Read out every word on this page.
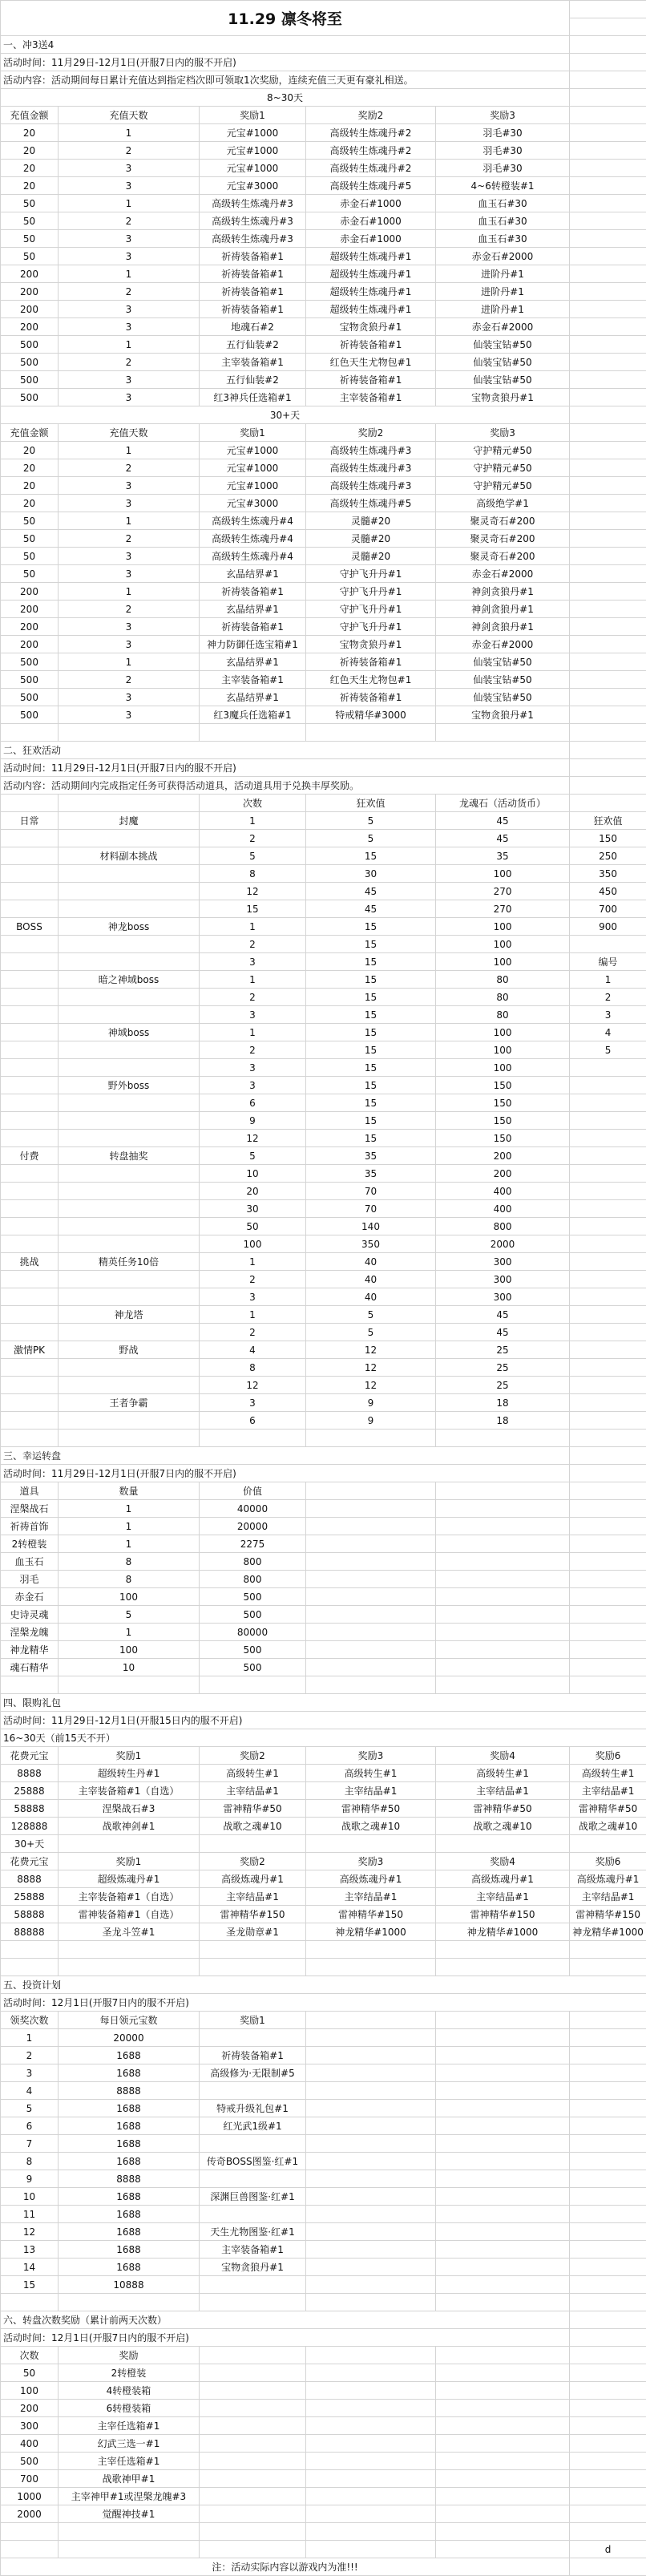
11.29 凛冬将至					

一、冲3送4					
活动时间：11月29日-12月1日(开服7日内的服不开启)					
活动内容：活动期间每日累计充值达到指定档次即可领取1次奖励，连续充值三天更有豪礼相送。					
8~30天					
充值金额	充值天数	奖励1	奖励2	奖励3	
20	1	元宝#1000	高级转生炼魂丹#2	羽毛#30	
20	2	元宝#1000	高级转生炼魂丹#2	羽毛#30	
20	3	元宝#1000	高级转生炼魂丹#2	羽毛#30	
20	3	元宝#3000	高级转生炼魂丹#5	4~6转橙装#1	
50	1	高级转生炼魂丹#3	赤金石#1000	血玉石#30	
50	2	高级转生炼魂丹#3	赤金石#1000	血玉石#30	
50	3	高级转生炼魂丹#3	赤金石#1000	血玉石#30	
50	3	祈祷装备箱#1	超级转生炼魂丹#1	赤金石#2000	
200	1	祈祷装备箱#1	超级转生炼魂丹#1	进阶丹#1	
200	2	祈祷装备箱#1	超级转生炼魂丹#1	进阶丹#1	
200	3	祈祷装备箱#1	超级转生炼魂丹#1	进阶丹#1	
200	3	地魂石#2	宝物贪狼丹#1	赤金石#2000	
500	1	五行仙装#2	祈祷装备箱#1	仙装宝钻#50	
500	2	主宰装备箱#1	红色天生尤物包#1	仙装宝钻#50	
500	3	五行仙装#2	祈祷装备箱#1	仙装宝钻#50	
500	3	红3神兵任选箱#1	主宰装备箱#1	宝物贪狼丹#1	
30+天					
充值金额	充值天数	奖励1	奖励2	奖励3	
20	1	元宝#1000	高级转生炼魂丹#3	守护精元#50	
20	2	元宝#1000	高级转生炼魂丹#3	守护精元#50	
20	3	元宝#1000	高级转生炼魂丹#3	守护精元#50	
20	3	元宝#3000	高级转生炼魂丹#5	高级绝学#1	
50	1	高级转生炼魂丹#4	灵髓#20	聚灵奇石#200	
50	2	高级转生炼魂丹#4	灵髓#20	聚灵奇石#200	
50	3	高级转生炼魂丹#4	灵髓#20	聚灵奇石#200	
50	3	玄晶结界#1	守护飞升丹#1	赤金石#2000	
200	1	祈祷装备箱#1	守护飞升丹#1	神剑贪狼丹#1	
200	2	玄晶结界#1	守护飞升丹#1	神剑贪狼丹#1	
200	3	祈祷装备箱#1	守护飞升丹#1	神剑贪狼丹#1	
200	3	神力防御任选宝箱#1	宝物贪狼丹#1	赤金石#2000	
500	1	玄晶结界#1	祈祷装备箱#1	仙装宝钻#50	
500	2	主宰装备箱#1	红色天生尤物包#1	仙装宝钻#50	
500	3	玄晶结界#1	祈祷装备箱#1	仙装宝钻#50	
500	3	红3魔兵任选箱#1	特戒精华#3000	宝物贪狼丹#1	

二、狂欢活动					
活动时间：11月29日-12月1日(开服7日内的服不开启)					
活动内容：活动期间内完成指定任务可获得活动道具，活动道具用于兑换丰厚奖励。					
		次数	狂欢值	龙魂石（活动货币）	
日常	封魔	1	5	45	狂欢值
		2	5	45	150
	材料副本挑战	5	15	35	250
		8	30	100	350
		12	45	270	450
		15	45	270	700
BOSS	神龙boss	1	15	100	900
		2	15	100	
		3	15	100	编号
	暗之神域boss	1	15	80	1
		2	15	80	2
		3	15	80	3
	神域boss	1	15	100	4
		2	15	100	5
		3	15	100	
	野外boss	3	15	150	
		6	15	150	
		9	15	150	
		12	15	150	
付费	转盘抽奖	5	35	200	
		10	35	200	
		20	70	400	
		30	70	400	
		50	140	800	
		100	350	2000	
挑战	精英任务10倍	1	40	300	
		2	40	300	
		3	40	300	
	神龙塔	1	5	45	
		2	5	45	
激情PK	野战	4	12	25	
		8	12	25	
		12	12	25	
	王者争霸	3	9	18	
		6	9	18	

三、幸运转盘					
活动时间：11月29日-12月1日(开服7日内的服不开启)					
道具	数量	价值			
涅槃战石	1	40000			
祈祷首饰	1	20000			
2转橙装	1	2275			
血玉石	8	800			
羽毛	8	800			
赤金石	100	500			
史诗灵魂	5	500			
涅槃龙魄	1	80000			
神龙精华	100	500			
魂石精华	10	500			

四、限购礼包					
活动时间：11月29日-12月1日(开服15日内的服不开启)					
16~30天（前15天不开）					
花费元宝	奖励1	奖励2	奖励3	奖励4	奖励6
8888	超级转生丹#1	高级转生#1	高级转生#1	高级转生#1	高级转生#1
25888	主宰装备箱#1（自选）	主宰结晶#1	主宰结晶#1	主宰结晶#1	主宰结晶#1
58888	涅槃战石#3	雷神精华#50	雷神精华#50	雷神精华#50	雷神精华#50
128888	战歌神剑#1	战歌之魂#10	战歌之魂#10	战歌之魂#10	战歌之魂#10
30+天					
花费元宝	奖励1	奖励2	奖励3	奖励4	奖励6
8888	超级炼魂丹#1	高级炼魂丹#1	高级炼魂丹#1	高级炼魂丹#1	高级炼魂丹#1
25888	主宰装备箱#1（自选）	主宰结晶#1	主宰结晶#1	主宰结晶#1	主宰结晶#1
58888	雷神装备箱#1（自选）	雷神精华#150	雷神精华#150	雷神精华#150	雷神精华#150
88888	圣龙斗笠#1	圣龙勋章#1	神龙精华#1000	神龙精华#1000	神龙精华#1000

五、投资计划					
活动时间：12月1日(开服7日内的服不开启)					
领奖次数	每日领元宝数	奖励1			
1	20000				
2	1688	祈祷装备箱#1			
3	1688	高级修为·无限制#5			
4	8888				
5	1688	特戒升级礼包#1			
6	1688	红光武1级#1			
7	1688				
8	1688	传奇BOSS图鉴·红#1			
9	8888				
10	1688	深渊巨兽图鉴·红#1			
11	1688				
12	1688	天生尤物图鉴·红#1			
13	1688	主宰装备箱#1			
14	1688	宝物贪狼丹#1			
15	10888				

六、转盘次数奖励（累计前两天次数）					
活动时间：12月1日(开服7日内的服不开启)					
次数	奖励				
50	2转橙装				
100	4转橙装箱				
200	6转橙装箱				
300	主宰任选箱#1				
400	幻武三选一#1				
500	主宰任选箱#1				
700	战歌神甲#1				
1000	主宰神甲#1或涅槃龙魄#3				
2000	觉醒神技#1				

					d
注：活动实际内容以游戏内为准!!!					
